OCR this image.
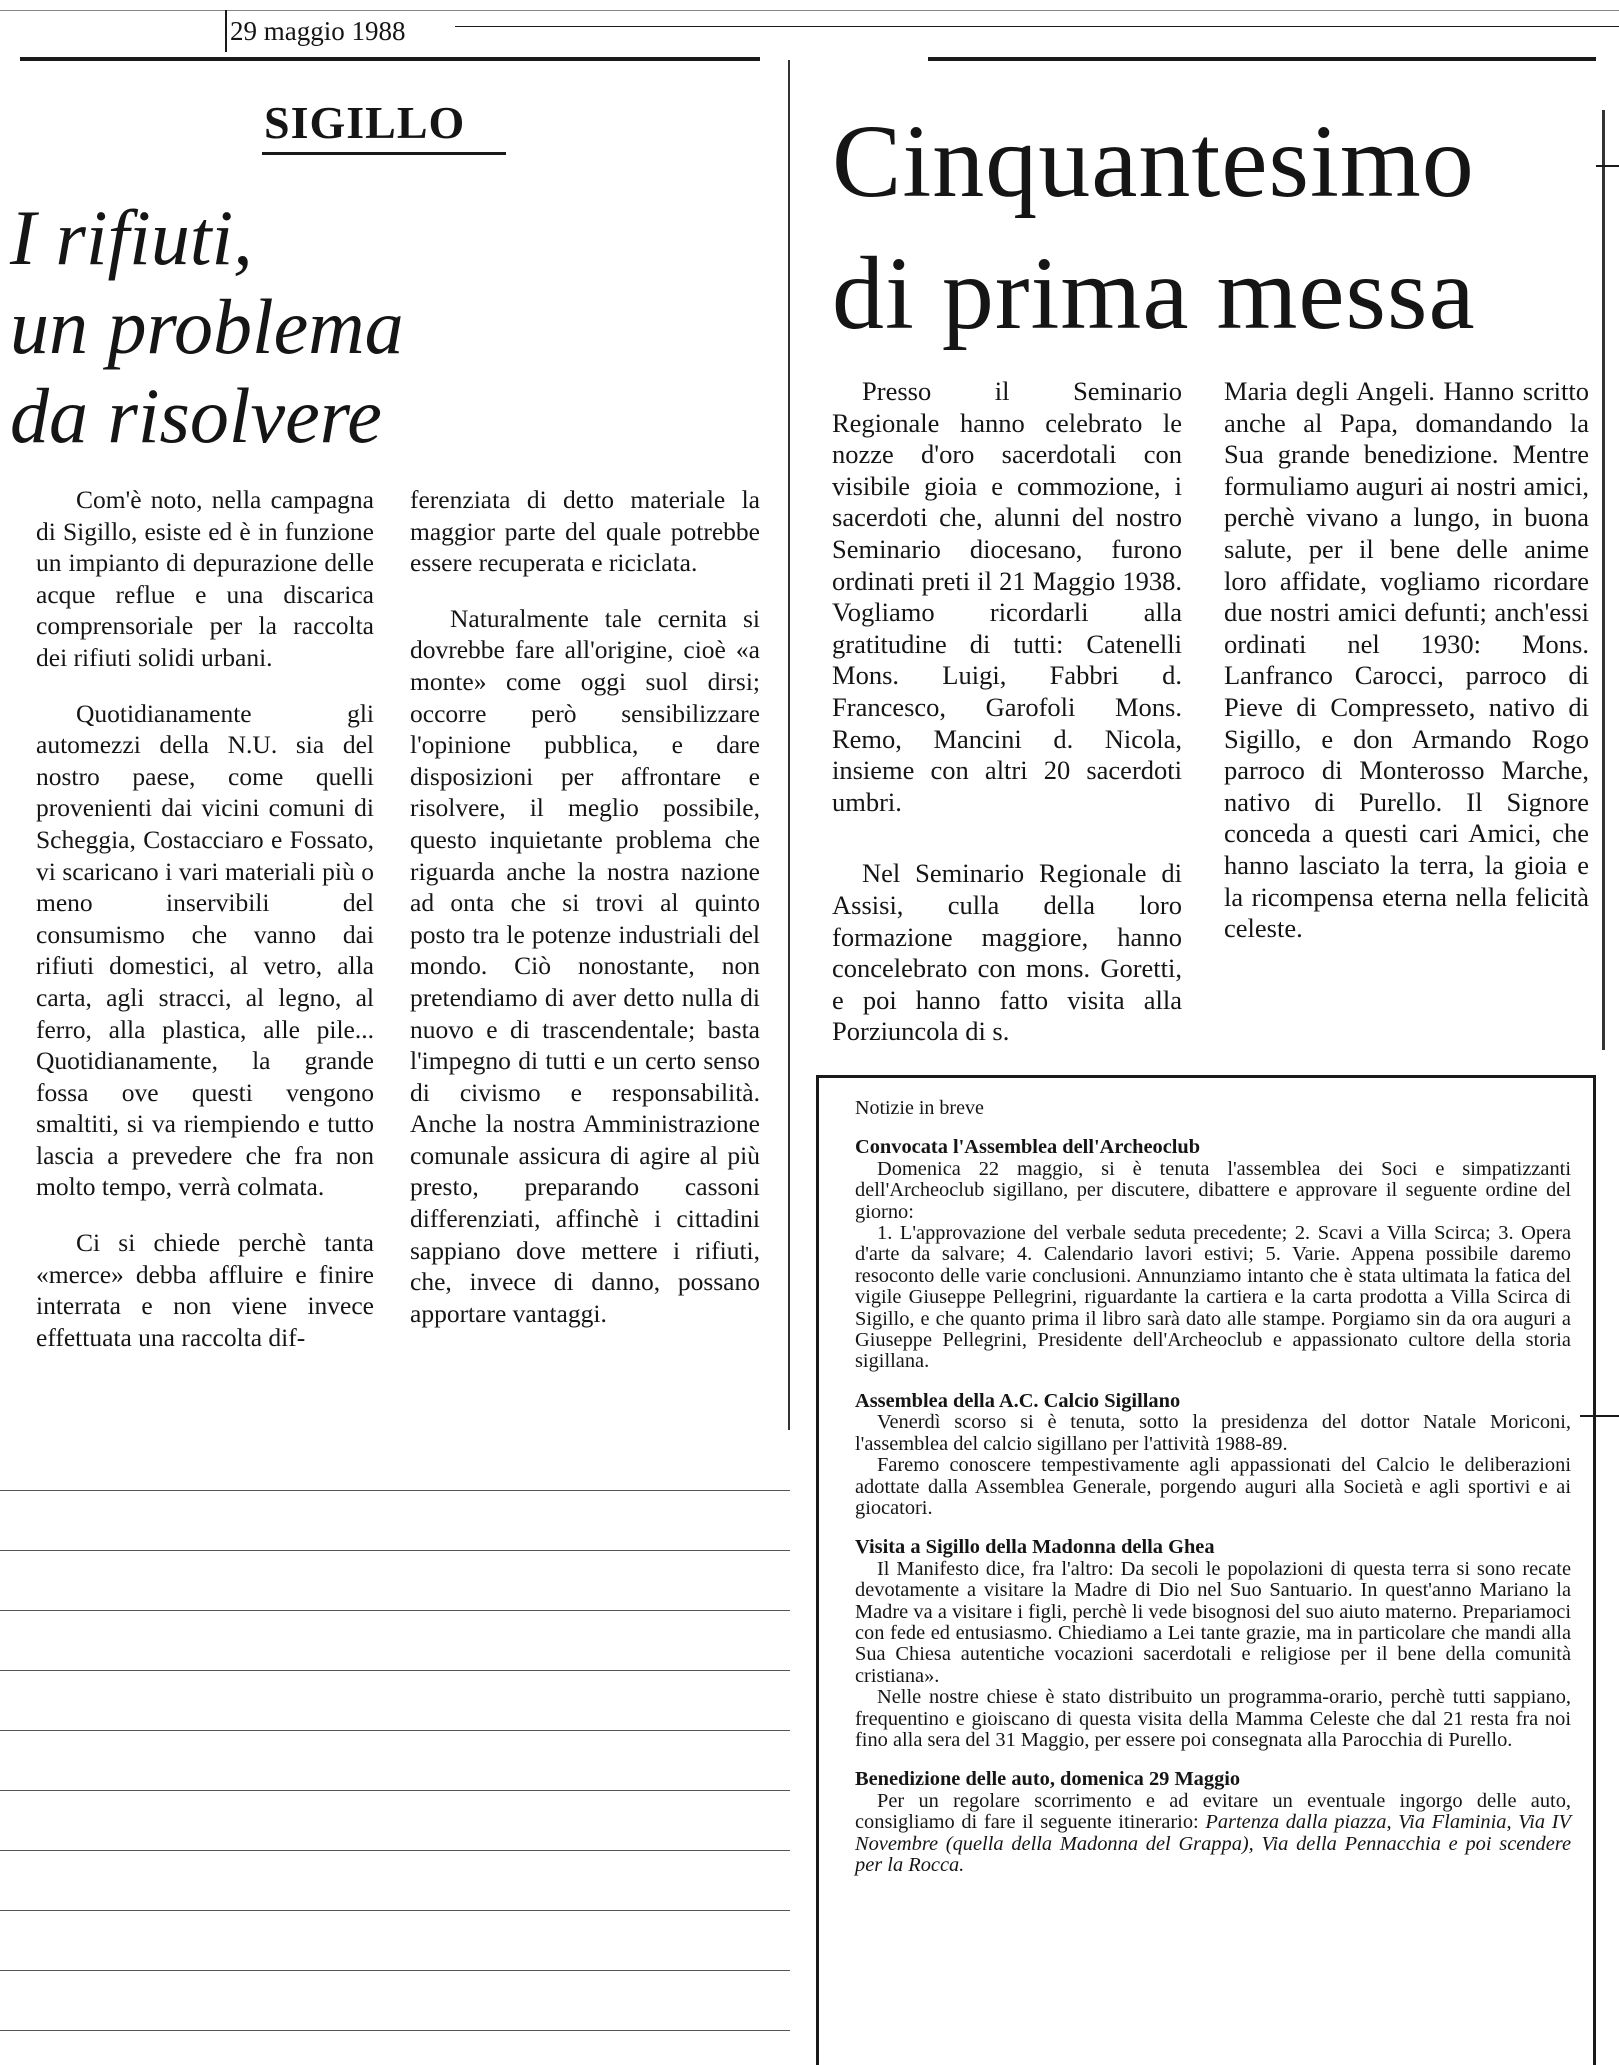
29 maggio 1988
SIGILLO
I rifiuti,
un problema
da risolvere

Com'è noto, nella campagna di Sigillo, esiste ed è in funzione un impianto di depurazione delle acque reflue e una discarica comprensoriale per la raccolta dei rifiuti solidi urbani.

Quotidianamente gli automezzi della N.U. sia del nostro paese, come quelli provenienti dai vicini comuni di Scheggia, Costacciaro e Fossato, vi scaricano i vari materiali più o meno inservibili del consumismo che vanno dai rifiuti domestici, al vetro, alla carta, agli stracci, al legno, al ferro, alla plastica, alle pile... Quotidianamente, la grande fossa ove questi vengono smaltiti, si va riempiendo e tutto lascia a prevedere che fra non molto tempo, verrà colmata.

Ci si chiede perchè tanta «merce» debba affluire e finire interrata e non viene invece effettuata una raccolta dif-

ferenziata di detto materiale la maggior parte del quale potrebbe essere recuperata e riciclata.

Naturalmente tale cernita si dovrebbe fare all'origine, cioè «a monte» come oggi suol dirsi; occorre però sensibilizzare l'opinione pubblica, e dare disposizioni per affrontare e risolvere, il meglio possibile, questo inquietante problema che riguarda anche la nostra nazione ad onta che si trovi al quinto posto tra le potenze industriali del mondo. Ciò nonostante, non pretendiamo di aver detto nulla di nuovo e di trascendentale; basta l'impegno di tutti e un certo senso di civismo e responsabilità. Anche la nostra Amministrazione comunale assicura di agire al più presto, preparando cassoni differenziati, affinchè i cittadini sappiano dove mettere i rifiuti, che, invece di danno, possano apportare vantaggi.

Cinquantesimo
di prima messa

Presso il Seminario Regionale hanno celebrato le nozze d'oro sacerdotali con visibile gioia e commozione, i sacerdoti che, alunni del nostro Seminario diocesano, furono ordinati preti il 21 Maggio 1938. Vogliamo ricordarli alla gratitudine di tutti: Catenelli Mons. Luigi, Fabbri d. Francesco, Garofoli Mons. Remo, Mancini d. Nicola, insieme con altri 20 sacerdoti umbri.

Nel Seminario Regionale di Assisi, culla della loro formazione maggiore, hanno concelebrato con mons. Goretti, e poi hanno fatto visita alla Porziuncola di s.

Maria degli Angeli. Hanno scritto anche al Papa, domandando la Sua grande benedizione. Mentre formuliamo auguri ai nostri amici, perchè vivano a lungo, in buona salute, per il bene delle anime loro affidate, vogliamo ricordare due nostri amici defunti; anch'essi ordinati nel 1930: Mons. Lanfranco Carocci, parroco di Pieve di Compresseto, nativo di Sigillo, e don Armando Rogo parroco di Monterosso Marche, nativo di Purello. Il Signore conceda a questi cari Amici, che hanno lasciato la terra, la gioia e la ricompensa eterna nella felicità celeste.

Notizie in breve
Convocata l'Assemblea dell'Archeoclub

Domenica 22 maggio, si è tenuta l'assemblea dei Soci e simpatizzanti dell'Archeoclub sigillano, per discutere, dibattere e approvare il seguente ordine del giorno:

1. L'approvazione del verbale seduta precedente; 2. Scavi a Villa Scirca; 3. Opera d'arte da salvare; 4. Calendario lavori estivi; 5. Varie. Appena possibile daremo resoconto delle varie conclusioni. Annunziamo intanto che è stata ultimata la fatica del vigile Giuseppe Pellegrini, riguardante la cartiera e la carta prodotta a Villa Scirca di Sigillo, e che quanto prima il libro sarà dato alle stampe. Porgiamo sin da ora auguri a Giuseppe Pellegrini, Presidente dell'Archeoclub e appassionato cultore della storia sigillana.

Assemblea della A.C. Calcio Sigillano

Venerdì scorso si è tenuta, sotto la presidenza del dottor Natale Moriconi, l'assemblea del calcio sigillano per l'attività 1988-89.

Faremo conoscere tempestivamente agli appassionati del Calcio le deliberazioni adottate dalla Assemblea Generale, porgendo auguri alla Società e agli sportivi e ai giocatori.

Visita a Sigillo della Madonna della Ghea

Il Manifesto dice, fra l'altro: Da secoli le popolazioni di questa terra si sono recate devotamente a visitare la Madre di Dio nel Suo Santuario. In quest'anno Mariano la Madre va a visitare i figli, perchè li vede bisognosi del suo aiuto materno. Prepariamoci con fede ed entusiasmo. Chiediamo a Lei tante grazie, ma in particolare che mandi alla Sua Chiesa autentiche vocazioni sacerdotali e religiose per il bene della comunità cristiana».

Nelle nostre chiese è stato distribuito un programma-orario, perchè tutti sappiano, frequentino e gioiscano di questa visita della Mamma Celeste che dal 21 resta fra noi fino alla sera del 31 Maggio, per essere poi consegnata alla Parocchia di Purello.

Benedizione delle auto, domenica 29 Maggio

Per un regolare scorrimento e ad evitare un eventuale ingorgo delle auto, consigliamo di fare il seguente itinerario: Partenza dalla piazza, Via Flaminia, Via IV Novembre (quella della Madonna del Grappa), Via della Pennacchia e poi scendere per la Rocca.
